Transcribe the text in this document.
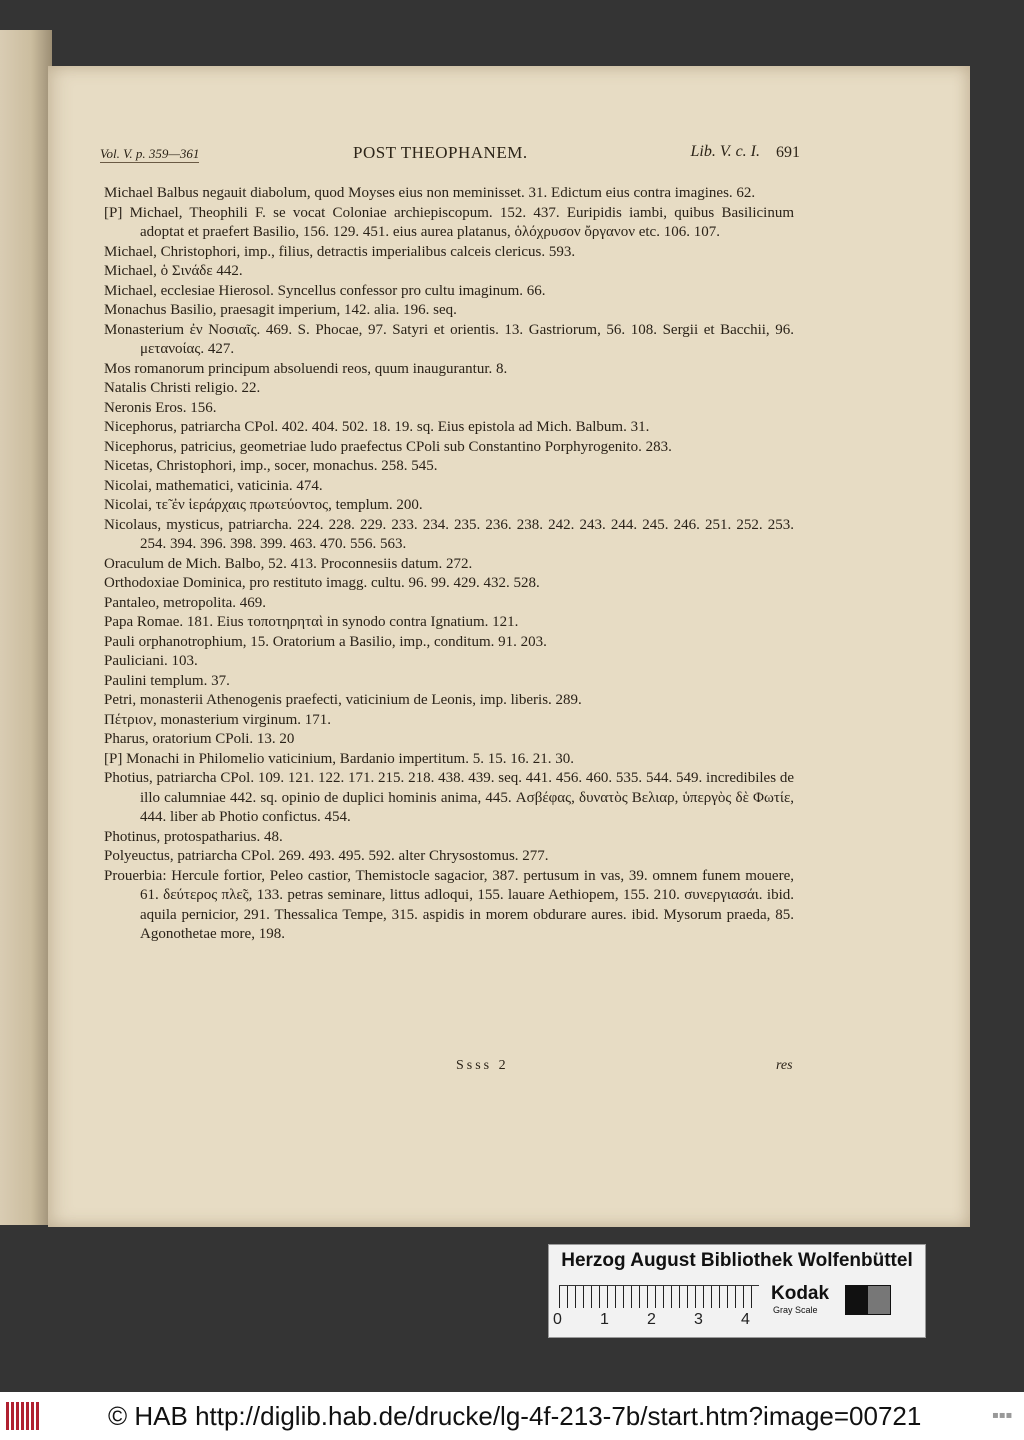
Vol. V. p. 359—361	POST THEOPHANEM.	Lib. V. c. I. 691

Michael Balbus negauit diabolum, quod Moyses eius non meminisset. 31. Edictum eius contra imagines. 62.

[P] Michael, Theophili F. se vocat Coloniae archiepiscopum. 152. 437. Euripidis iambi, quibus Basilicinum adoptat et praefert Basilio, 156. 129. 451. eius aurea platanus, ὁλόχρυσον ὄργανον etc. 106. 107.

Michael, Christophori, imp., filius, detractis imperialibus calceis clericus. 593.

Michael, ὁ Σινάδε 442.

Michael, ecclesiae Hierosol. Syncellus confessor pro cultu imaginum. 66.

Monachus Basilio, praesagit imperium, 142. alia. 196. seq.

Monasterium ἐν Νοσιαῖς. 469. S. Phocae, 97. Satyri et orientis. 13. Gastriorum, 56. 108. Sergii et Bacchii, 96. μετανοίας. 427.

Mos romanorum principum absoluendi reos, quum inaugurantur. 8.

Natalis Christi religio. 22.

Neronis Eros. 156.

Nicephorus, patriarcha CPol. 402. 404. 502. 18. 19. sq. Eius epistola ad Mich. Balbum. 31.

Nicephorus, patricius, geometriae ludo praefectus CPoli sub Constantino Porphyrogenito. 283.

Nicetas, Christophori, imp., socer, monachus. 258. 545.

Nicolai, mathematici, vaticinia. 474.

Nicolai, τε̃ ἐν ἱεράρχαις πρωτεύοντος, templum. 200.

Nicolaus, mysticus, patriarcha. 224. 228. 229. 233. 234. 235. 236. 238. 242. 243. 244. 245. 246. 251. 252. 253. 254. 394. 396. 398. 399. 463. 470. 556. 563.

Oraculum de Mich. Balbo, 52. 413. Proconnesiis datum. 272.

Orthodoxiae Dominica, pro restituto imagg. cultu. 96. 99. 429. 432. 528.

Pantaleo, metropolita. 469.

Papa Romae. 181. Eius τοποτηρηταὶ in synodo contra Ignatium. 121.

Pauli orphanotrophium, 15. Oratorium a Basilio, imp., conditum. 91. 203.

Pauliciani. 103.

Paulini templum. 37.

Petri, monasterii Athenogenis praefecti, vaticinium de Leonis, imp. liberis. 289.

Πέτριον, monasterium virginum. 171.

Pharus, oratorium CPoli. 13. 20

[P] Monachi in Philomelio vaticinium, Bardanio impertitum. 5. 15. 16. 21. 30.

Photius, patriarcha CPol. 109. 121. 122. 171. 215. 218. 438. 439. seq. 441. 456. 460. 535. 544. 549. incredibiles de illo calumniae 442. sq. opinio de duplici hominis anima, 445. Ασβέφας, δυνατὸς Βελιαρ, ὑπεργὸς δὲ Φωτίε, 444. liber ab Photio confictus. 454.

Photinus, protospatharius. 48.

Polyeuctus, patriarcha CPol. 269. 493. 495. 592. alter Chrysostomus. 277.

Prouerbia: Hercule fortior, Peleo castior, Themistocle sagacior, 387. pertusum in vas, 39. omnem funem mouere, 61. δεύτερος πλε̃ς, 133. petras seminare, littus adloqui, 155. lauare Aethiopem, 155. 210. συνεργιασάι. ibid. aquila pernicior, 291. Thessalica Tempe, 315. aspidis in morem obdurare aures. ibid. Mysorum praeda, 85. Agonothetae more, 198.

Ssss 2	res
Herzog August Bibliothek Wolfenbüttel
0 1 2 3 4
Kodak
Gray Scale
© HAB http://diglib.hab.de/drucke/lg-4f-213-7b/start.htm?image=00721	▪▪▪
